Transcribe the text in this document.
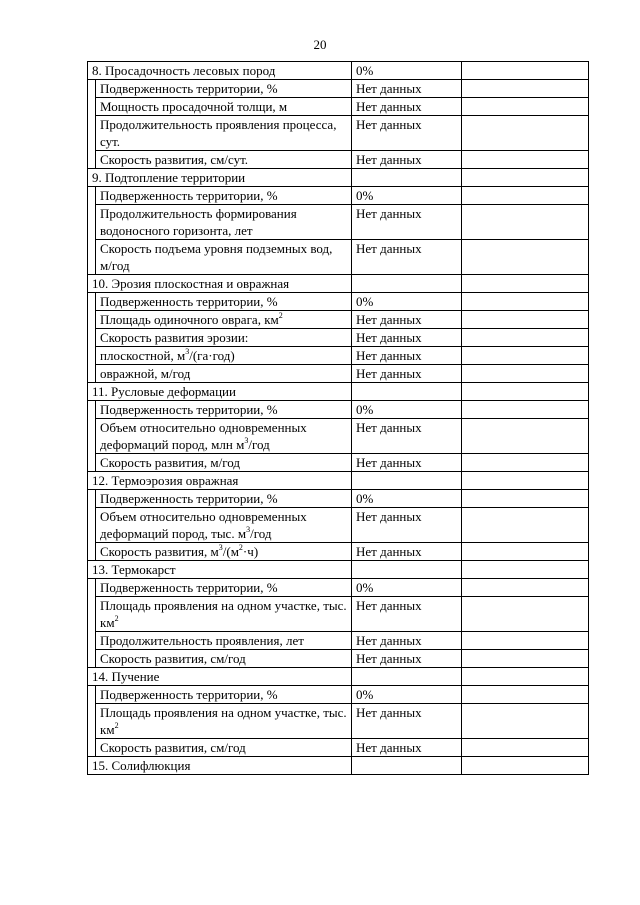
20
8. Просадочность лесовых пород		0%	
	Подверженность территории, %	Нет данных	
	Мощность просадочной толщи, м	Нет данных	
	Продолжительность проявления процесса, сут.	Нет данных	
	Скорость развития, см/сут.	Нет данных	
9. Подтопление территории			
	Подверженность территории, %	0%	
	Продолжительность формирования водоносного горизонта, лет	Нет данных	
	Скорость подъема уровня подземных вод, м/год	Нет данных	
10. Эрозия плоскостная и овражная			
	Подверженность территории, %	0%	
	Площадь одиночного оврага, $км^2$	Нет данных	
	Скорость развития эрозии:	Нет данных	
	плоскостной, $м^3/(га\cdot год)$	Нет данных	
	овражной, м/год	Нет данных	
11. Русловые деформации			
	Подверженность территории, %	0%	
	Объем относительно одновременных деформаций пород, млн $м^3$/год	Нет данных	
	Скорость развития, м/год	Нет данных	
12. Термоэрозия овражная			
	Подверженность территории, %	0%	
	Объем относительно одновременных деформаций пород, тыс. $м^3$/год	Нет данных	
	Скорость развития, $м^3/(м^2\cdot ч)$	Нет данных	
13. Термокарст			
	Подверженность территории, %	0%	
	Площадь проявления на одном участке, тыс. $км^2$	Нет данных	
	Продолжительность проявления, лет	Нет данных	
	Скорость развития, см/год	Нет данных	
14. Пучение			
	Подверженность территории, %	0%	
	Площадь проявления на одном участке, тыс. $км^2$	Нет данных	
	Скорость развития, см/год	Нет данных	
15. Солифлюкция			
